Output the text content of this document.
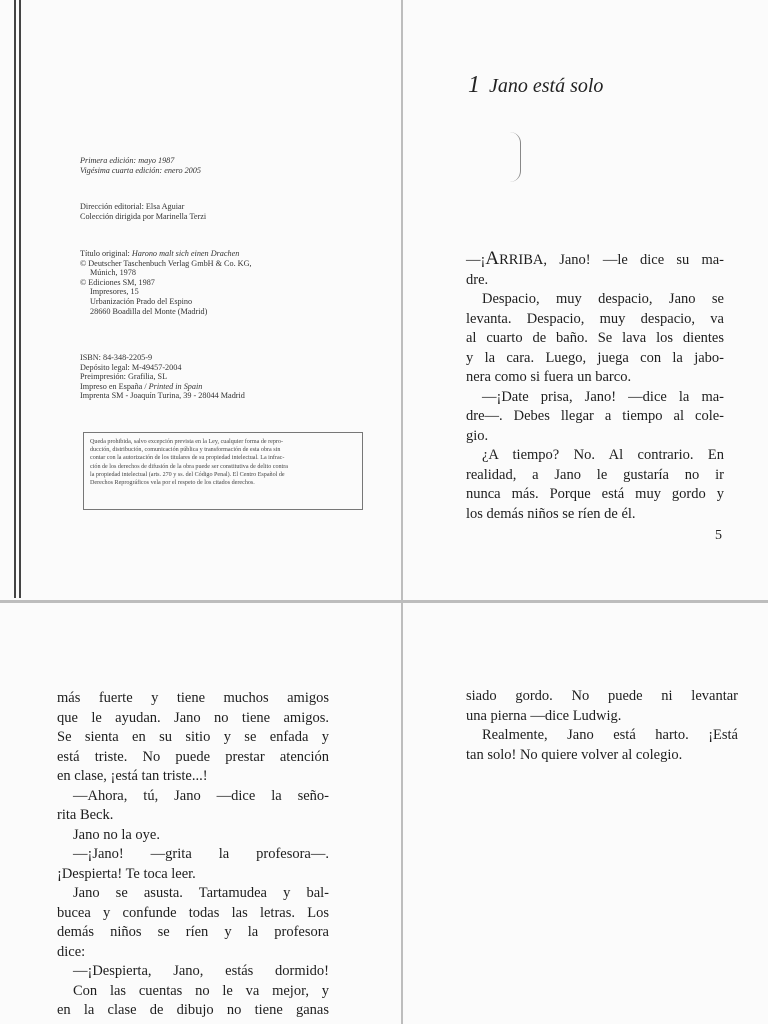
Primera edición: mayo 1987
Vigésima cuarta edición: enero 2005
Dirección editorial: Elsa Aguiar
Colección dirigida por Marinella Terzi
Título original: Harono malt sich einen Drachen
© Deutscher Taschenbuch Verlag GmbH & Co. KG,
Múnich, 1978
© Ediciones SM, 1987
Impresores, 15
Urbanización Prado del Espino
28660 Boadilla del Monte (Madrid)
ISBN: 84-348-2205-9
Depósito legal: M-49457-2004
Preimpresión: Grafilia, SL
Impreso en España / Printed in Spain
Imprenta SM - Joaquín Turina, 39 - 28044 Madrid
Queda prohibida, salvo excepción prevista en la Ley, cualquier forma de repro-
ducción, distribución, comunicación pública y transformación de esta obra sin
contar con la autorización de los titulares de su propiedad intelectual. La infrac-
ción de los derechos de difusión de la obra puede ser constitutiva de delito contra
la propiedad intelectual (arts. 270 y ss. del Código Penal). El Centro Español de
Derechos Reprográficos vela por el respeto de los citados derechos.
1 Jano está solo
—¡ARRIBA, Jano! —le dice su ma-
dre.
Despacio, muy despacio, Jano se
levanta. Despacio, muy despacio, va
al cuarto de baño. Se lava los dientes
y la cara. Luego, juega con la jabo-
nera como si fuera un barco.
—¡Date prisa, Jano! —dice la ma-
dre—. Debes llegar a tiempo al cole-
gio.
¿A tiempo? No. Al contrario. En
realidad, a Jano le gustaría no ir
nunca más. Porque está muy gordo y
los demás niños se ríen de él.
5
más fuerte y tiene muchos amigos
que le ayudan. Jano no tiene amigos.
Se sienta en su sitio y se enfada y
está triste. No puede prestar atención
en clase, ¡está tan triste...!
—Ahora, tú, Jano —dice la seño-
rita Beck.
Jano no la oye.
—¡Jano! —grita la profesora—.
¡Despierta! Te toca leer.
Jano se asusta. Tartamudea y bal-
bucea y confunde todas las letras. Los
demás niños se ríen y la profesora
dice:
—¡Despierta, Jano, estás dormido!
Con las cuentas no le va mejor, y
en la clase de dibujo no tiene ganas
siado gordo. No puede ni levantar
una pierna —dice Ludwig.
Realmente, Jano está harto. ¡Está
tan solo! No quiere volver al colegio.
